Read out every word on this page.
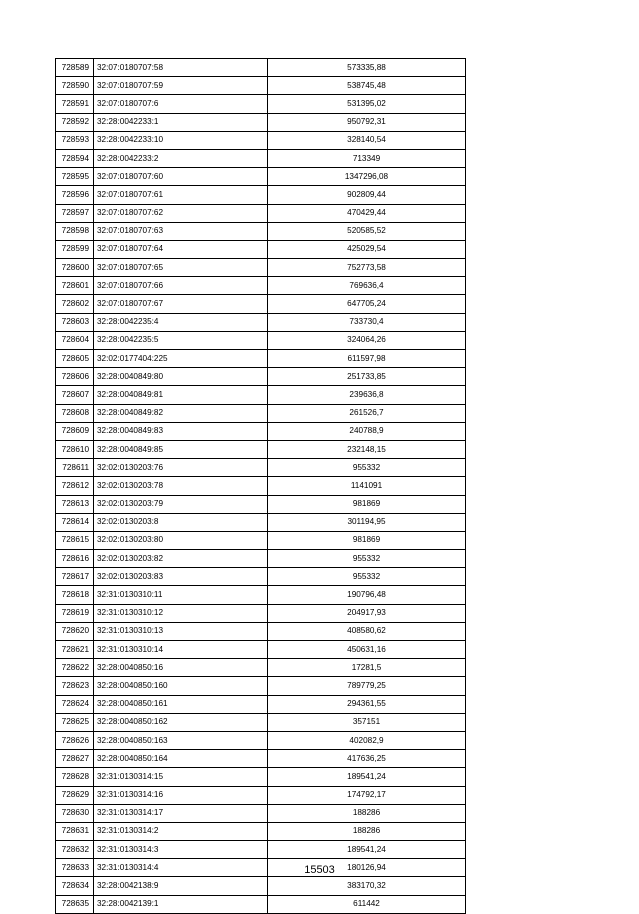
728589	32:07:0180707:58	573335,88
728590	32:07:0180707:59	538745,48
728591	32:07:0180707:6	531395,02
728592	32:28:0042233:1	950792,31
728593	32:28:0042233:10	328140,54
728594	32:28:0042233:2	713349
728595	32:07:0180707:60	1347296,08
728596	32:07:0180707:61	902809,44
728597	32:07:0180707:62	470429,44
728598	32:07:0180707:63	520585,52
728599	32:07:0180707:64	425029,54
728600	32:07:0180707:65	752773,58
728601	32:07:0180707:66	769636,4
728602	32:07:0180707:67	647705,24
728603	32:28:0042235:4	733730,4
728604	32:28:0042235:5	324064,26
728605	32:02:0177404:225	611597,98
728606	32:28:0040849:80	251733,85
728607	32:28:0040849:81	239636,8
728608	32:28:0040849:82	261526,7
728609	32:28:0040849:83	240788,9
728610	32:28:0040849:85	232148,15
728611	32:02:0130203:76	955332
728612	32:02:0130203:78	1141091
728613	32:02:0130203:79	981869
728614	32:02:0130203:8	301194,95
728615	32:02:0130203:80	981869
728616	32:02:0130203:82	955332
728617	32:02:0130203:83	955332
728618	32:31:0130310:11	190796,48
728619	32:31:0130310:12	204917,93
728620	32:31:0130310:13	408580,62
728621	32:31:0130310:14	450631,16
728622	32:28:0040850:16	17281,5
728623	32:28:0040850:160	789779,25
728624	32:28:0040850:161	294361,55
728625	32:28:0040850:162	357151
728626	32:28:0040850:163	402082,9
728627	32:28:0040850:164	417636,25
728628	32:31:0130314:15	189541,24
728629	32:31:0130314:16	174792,17
728630	32:31:0130314:17	188286
728631	32:31:0130314:2	188286
728632	32:31:0130314:3	189541,24
728633	32:31:0130314:4	180126,94
728634	32:28:0042138:9	383170,32
728635	32:28:0042139:1	611442
15503
